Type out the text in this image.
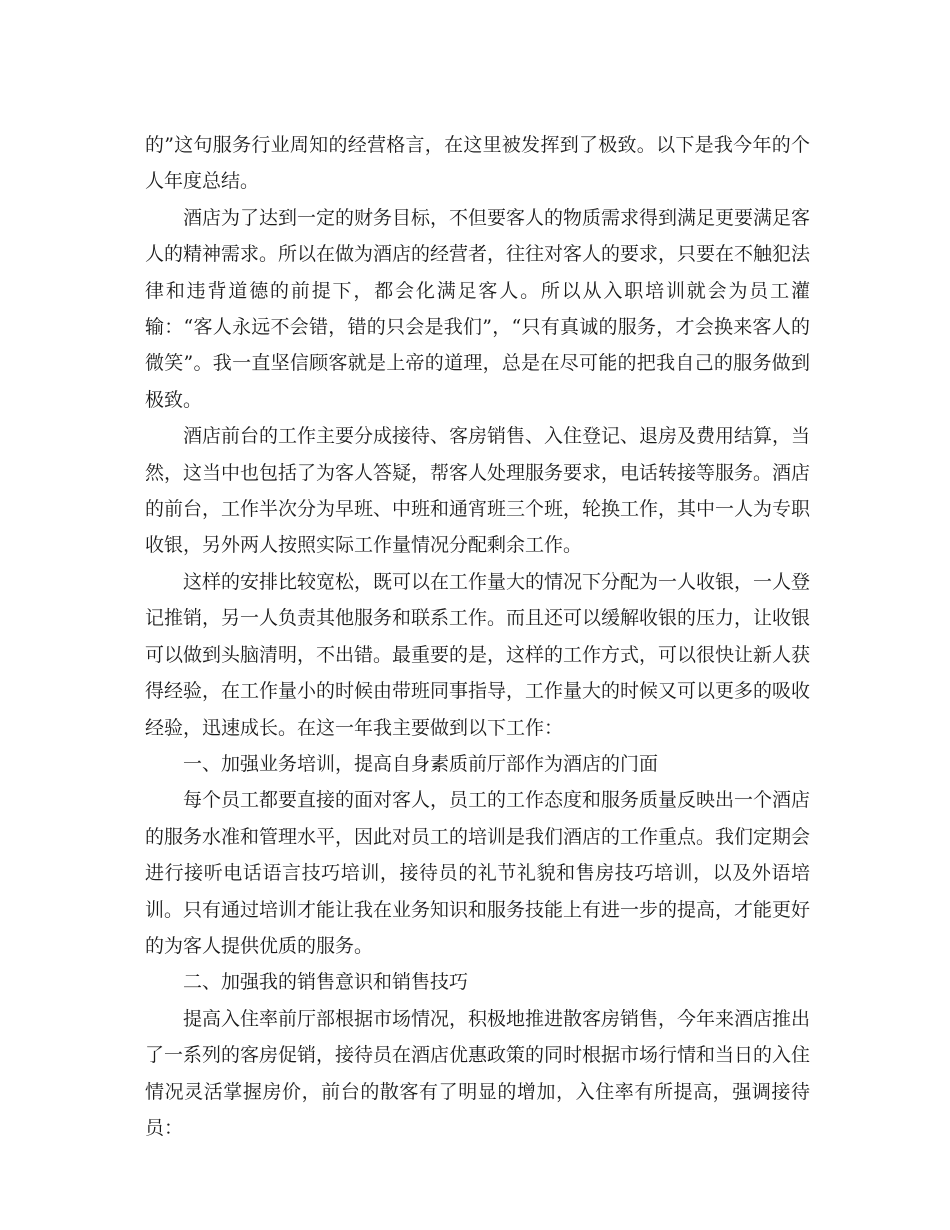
的”这句服务行业周知的经营格言，在这里被发挥到了极致。以下是我今年的个人年度总结。

酒店为了达到一定的财务目标，不但要客人的物质需求得到满足更要满足客人的精神需求。所以在做为酒店的经营者，往往对客人的要求，只要在不触犯法律和违背道德的前提下，都会化满足客人。所以从入职培训就会为员工灌输：“客人永远不会错，错的只会是我们”，“只有真诚的服务，才会换来客人的微笑”。我一直坚信顾客就是上帝的道理，总是在尽可能的把我自己的服务做到极致。

酒店前台的工作主要分成接待、客房销售、入住登记、退房及费用结算，当然，这当中也包括了为客人答疑，帮客人处理服务要求，电话转接等服务。酒店的前台，工作半次分为早班、中班和通宵班三个班，轮换工作，其中一人为专职收银，另外两人按照实际工作量情况分配剩余工作。

这样的安排比较宽松，既可以在工作量大的情况下分配为一人收银，一人登记推销，另一人负责其他服务和联系工作。而且还可以缓解收银的压力，让收银可以做到头脑清明，不出错。最重要的是，这样的工作方式，可以很快让新人获得经验，在工作量小的时候由带班同事指导，工作量大的时候又可以更多的吸收经验，迅速成长。在这一年我主要做到以下工作：

一、加强业务培训，提高自身素质前厅部作为酒店的门面

每个员工都要直接的面对客人，员工的工作态度和服务质量反映出一个酒店的服务水准和管理水平，因此对员工的培训是我们酒店的工作重点。我们定期会进行接听电话语言技巧培训，接待员的礼节礼貌和售房技巧培训，以及外语培训。只有通过培训才能让我在业务知识和服务技能上有进一步的提高，才能更好的为客人提供优质的服务。

二、加强我的销售意识和销售技巧

提高入住率前厅部根据市场情况，积极地推进散客房销售，今年来酒店推出了一系列的客房促销，接待员在酒店优惠政策的同时根据市场行情和当日的入住情况灵活掌握房价，前台的散客有了明显的增加，入住率有所提高，强调接待员：
